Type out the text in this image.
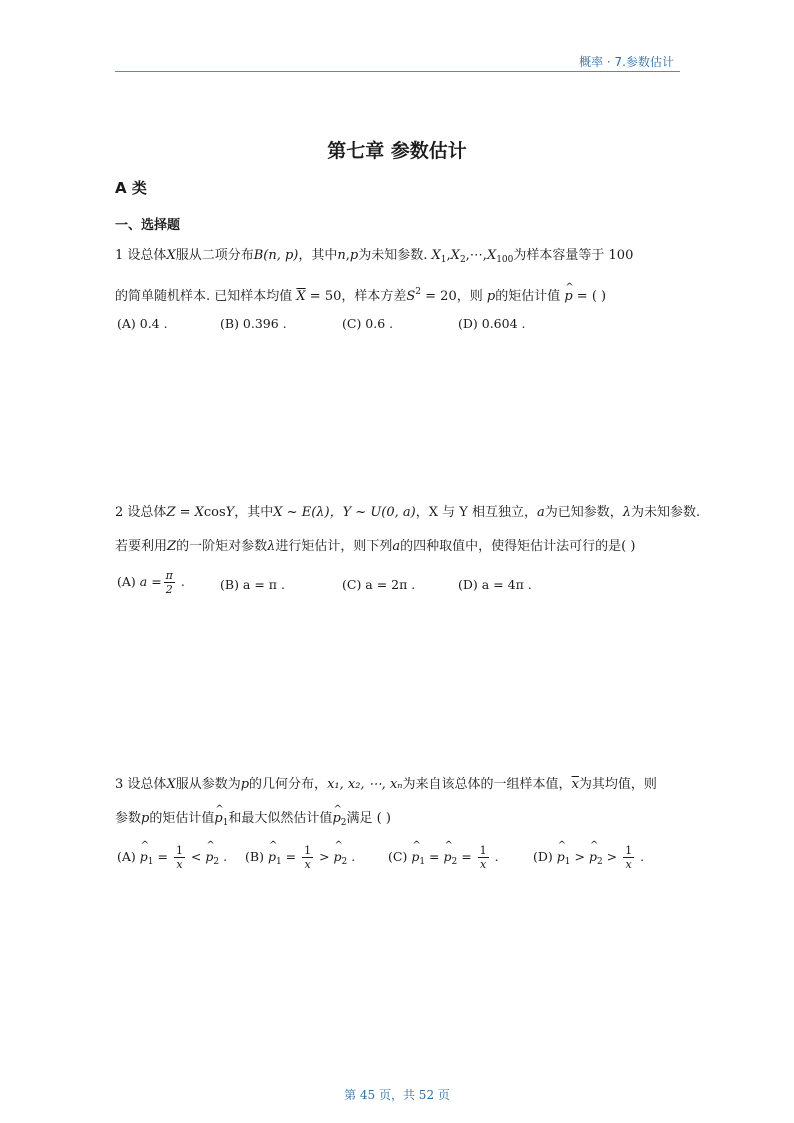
概率 · 7.参数估计
第七章 参数估计
A 类
一、选择题
1 设总体X服从二项分布B(n, p)，其中n,p为未知参数. $X_1,X_2,\cdots,X_{100}$为样本容量等于 100
的简单随机样本. 已知样本均值 $\overline{X} = 50$，样本方差$S^2 = 20$，则 p的矩估计值 ^ p = ( )
(A) 0.4 .	(B) 0.396 .	(C) 0.6 .	(D) 0.604 .
2 设总体Z = XcosY，其中X ~ E(λ)，Y ~ U(0, a)，X 与 Y 相互独立，a为已知参数，λ为未知参数.
若要利用Z的一阶矩对参数λ进行矩估计，则下列a的四种取值中，使得矩估计法可行的是( )
(A) $a = \frac{\pi}{2}$ .	(B) a = π .	(C) a = 2π .	(D) a = 4π .
3 设总体X服从参数为p的几何分布，x₁, x₂, ⋯, xₙ为来自该总体的一组样本值，$\overline{x}$为其均值，则
参数p的矩估计值^ $p_1$和最大似然估计值^ $p_2$满足 ( )
(A) ^ $p_1 = \frac{1}{x}$ < ^ $p_2$ . (B) ^ $p_1 = \frac{1}{x}$ > ^ $p_2$ .	(C) ^ $p_1$ = ^ $p_2 = \frac{1}{x}$ .	(D) ^ $p_1$ > ^ $p_2 > \frac{1}{x}$ .
第 45 页，共 52 页
